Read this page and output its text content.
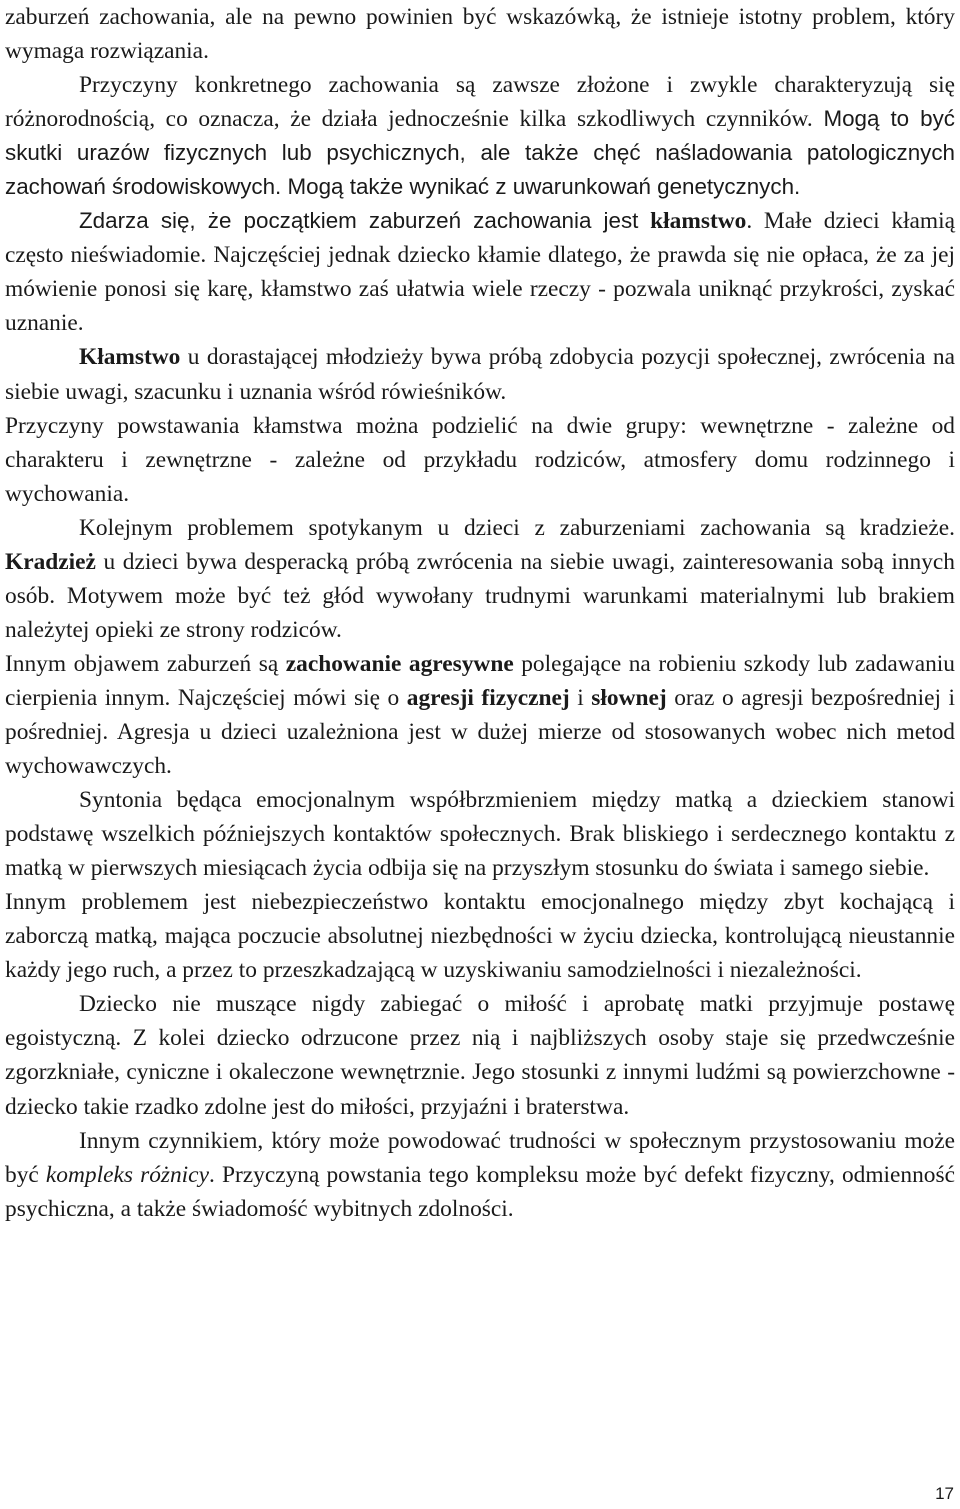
zaburzeń zachowania, ale na pewno powinien być wskazówką, że istnieje istotny problem, który wymaga rozwiązania.

Przyczyny konkretnego zachowania są zawsze złożone i zwykle charakteryzują się różnorodnością, co oznacza, że działa jednocześnie kilka szkodliwych czynników. Mogą to być skutki urazów fizycznych lub psychicznych, ale także chęć naśladowania patologicznych zachowań środowiskowych. Mogą także wynikać z uwarunkowań genetycznych.

Zdarza się, że początkiem zaburzeń zachowania jest kłamstwo. Małe dzieci kłamią często nieświadomie. Najczęściej jednak dziecko kłamie dlatego, że prawda się nie opłaca, że za jej mówienie ponosi się karę, kłamstwo zaś ułatwia wiele rzeczy - pozwala uniknąć przykrości, zyskać uznanie.

Kłamstwo u dorastającej młodzieży bywa próbą zdobycia pozycji społecznej, zwrócenia na siebie uwagi, szacunku i uznania wśród rówieśników.

Przyczyny powstawania kłamstwa można podzielić na dwie grupy: wewnętrzne - zależne od charakteru i zewnętrzne - zależne od przykładu rodziców, atmosfery domu rodzinnego i wychowania.

Kolejnym problemem spotykanym u dzieci z zaburzeniami zachowania są kradzieże. Kradzież u dzieci bywa desperacką próbą zwrócenia na siebie uwagi, zainteresowania sobą innych osób. Motywem może być też głód wywołany trudnymi warunkami materialnymi lub brakiem należytej opieki ze strony rodziców.

Innym objawem zaburzeń są zachowanie agresywne polegające na robieniu szkody lub zadawaniu cierpienia innym. Najczęściej mówi się o agresji fizycznej i słownej oraz o agresji bezpośredniej i pośredniej. Agresja u dzieci uzależniona jest w dużej mierze od stosowanych wobec nich metod wychowawczych.

Syntonia będąca emocjonalnym współbrzmieniem między matką a dzieckiem stanowi podstawę wszelkich późniejszych kontaktów społecznych. Brak bliskiego i serdecznego kontaktu z matką w pierwszych miesiącach życia odbija się na przyszłym stosunku do świata i samego siebie.

Innym problemem jest niebezpieczeństwo kontaktu emocjonalnego między zbyt kochającą i zaborczą matką, mająca poczucie absolutnej niezbędności w życiu dziecka, kontrolującą nieustannie każdy jego ruch, a przez to przeszkadzającą w uzyskiwaniu samodzielności i niezależności.

Dziecko nie muszące nigdy zabiegać o miłość i aprobatę matki przyjmuje postawę egoistyczną. Z kolei dziecko odrzucone przez nią i najbliższych osoby staje się przedwcześnie zgorzkniałe, cyniczne i okaleczone wewnętrznie. Jego stosunki z innymi ludźmi są powierzchowne - dziecko takie rzadko zdolne jest do miłości, przyjaźni i braterstwa.

Innym czynnikiem, który może powodować trudności w społecznym przystosowaniu może być kompleks różnicy. Przyczyną powstania tego kompleksu może być defekt fizyczny, odmienność psychiczna, a także świadomość wybitnych zdolności.

17
